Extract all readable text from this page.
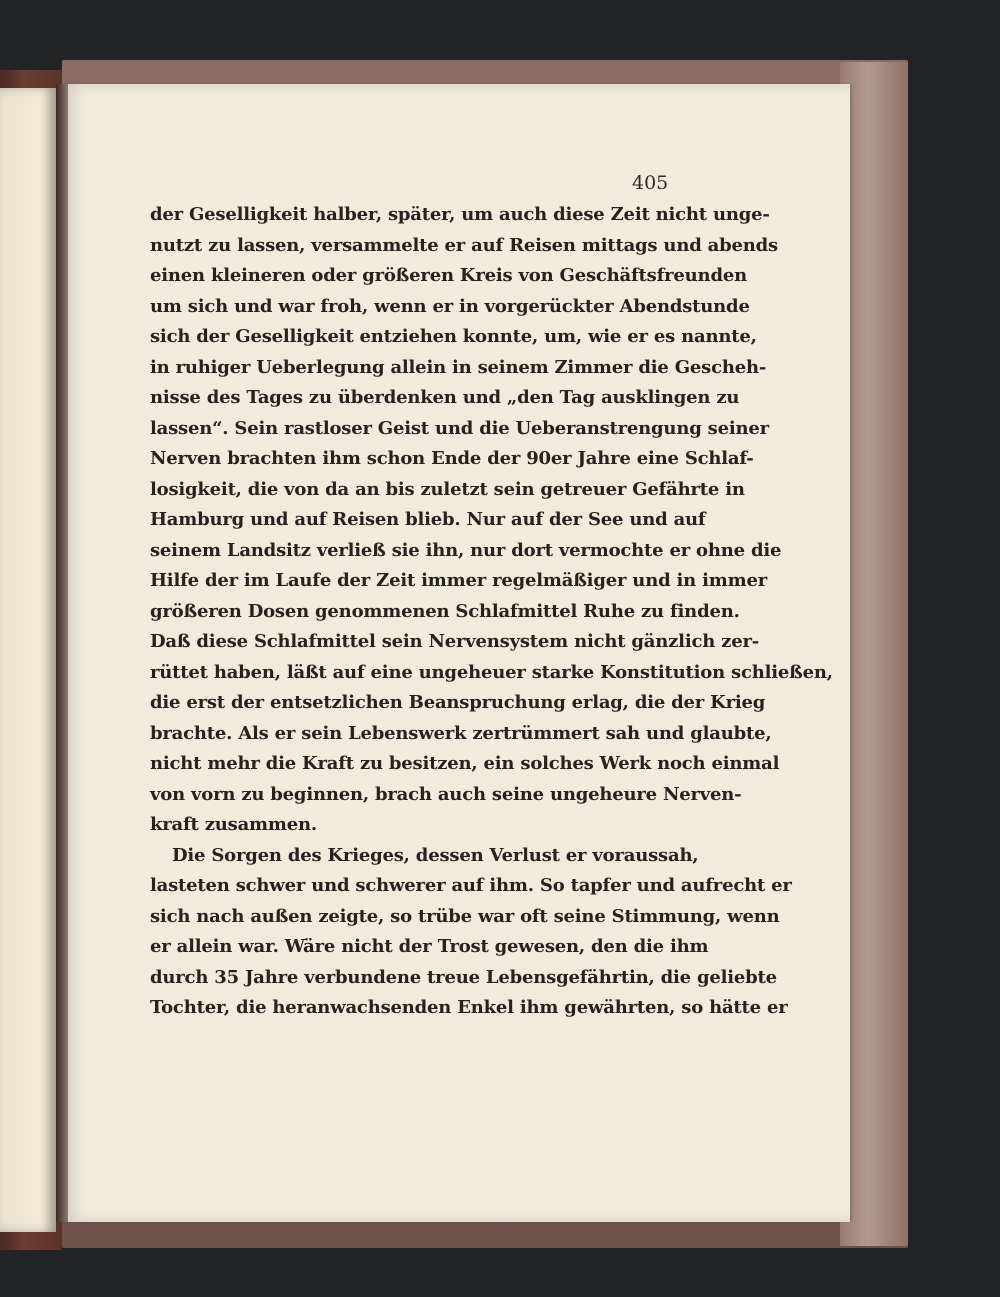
405
der Geselligkeit halber, später, um auch diese Zeit nicht unge-
nutzt zu lassen, versammelte er auf Reisen mittags und abends
einen kleineren oder größeren Kreis von Geschäftsfreunden
um sich und war froh, wenn er in vorgerückter Abendstunde
sich der Geselligkeit entziehen konnte, um, wie er es nannte,
in ruhiger Ueberlegung allein in seinem Zimmer die Gescheh-
nisse des Tages zu überdenken und „den Tag ausklingen zu
lassen“. Sein rastloser Geist und die Ueberanstrengung seiner
Nerven brachten ihm schon Ende der 90er Jahre eine Schlaf-
losigkeit, die von da an bis zuletzt sein getreuer Gefährte in
Hamburg und auf Reisen blieb. Nur auf der See und auf
seinem Landsitz verließ sie ihn, nur dort vermochte er ohne die
Hilfe der im Laufe der Zeit immer regelmäßiger und in immer
größeren Dosen genommenen Schlafmittel Ruhe zu finden.
Daß diese Schlafmittel sein Nervensystem nicht gänzlich zer-
rüttet haben, läßt auf eine ungeheuer starke Konstitution schließen,
die erst der entsetzlichen Beanspruchung erlag, die der Krieg
brachte. Als er sein Lebenswerk zertrümmert sah und glaubte,
nicht mehr die Kraft zu besitzen, ein solches Werk noch einmal
von vorn zu beginnen, brach auch seine ungeheure Nerven-
kraft zusammen.
Die Sorgen des Krieges, dessen Verlust er voraussah,
lasteten schwer und schwerer auf ihm. So tapfer und aufrecht er
sich nach außen zeigte, so trübe war oft seine Stimmung, wenn
er allein war. Wäre nicht der Trost gewesen, den die ihm
durch 35 Jahre verbundene treue Lebensgefährtin, die geliebte
Tochter, die heranwachsenden Enkel ihm gewährten, so hätte er
